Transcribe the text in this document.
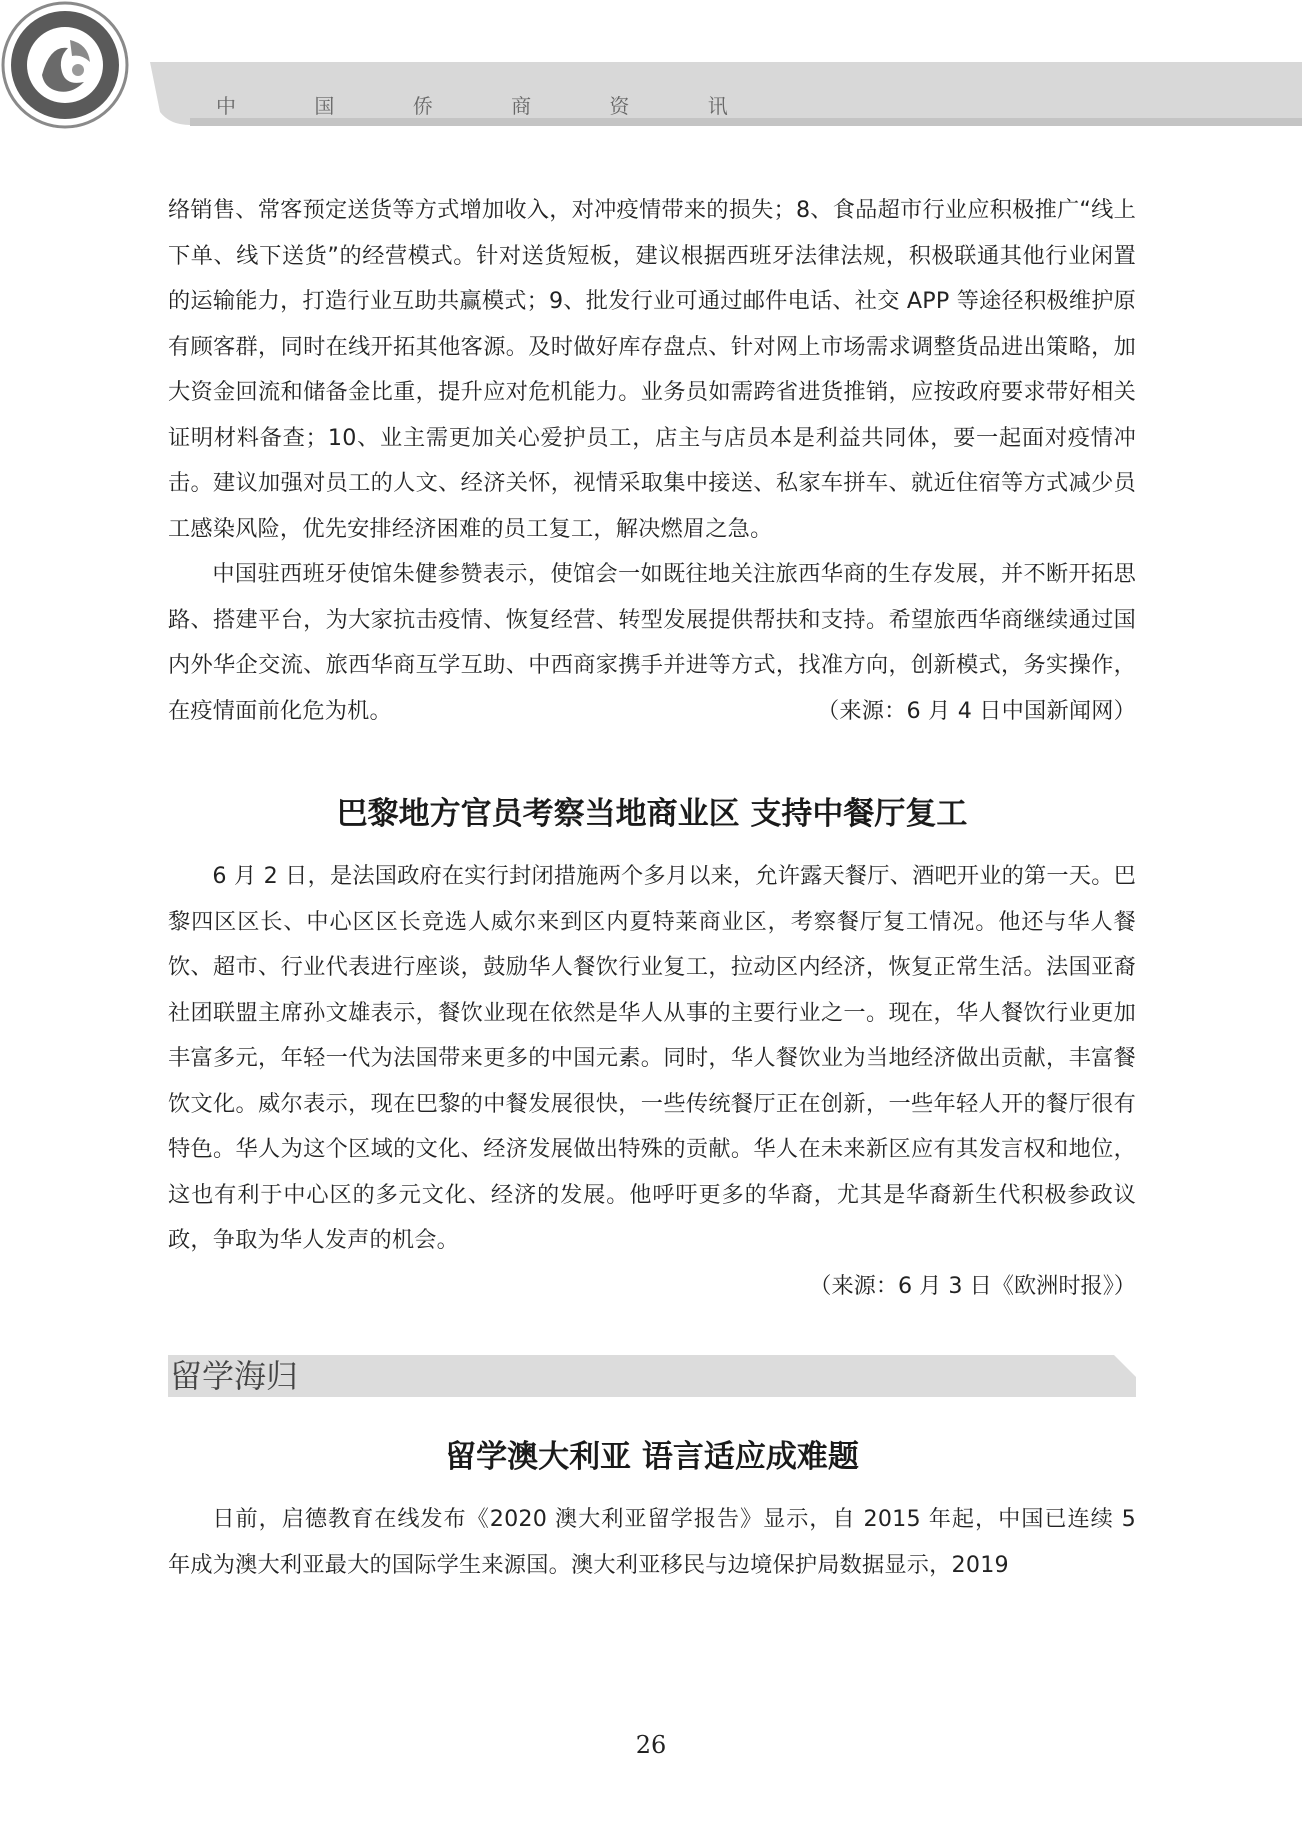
中 国 侨 商 资 讯

络销售、常客预定送货等方式增加收入，对冲疫情带来的损失；8、食品超市行业应积极推广“线上下单、线下送货”的经营模式。针对送货短板，建议根据西班牙法律法规，积极联通其他行业闲置的运输能力，打造行业互助共赢模式；9、批发行业可通过邮件电话、社交 APP 等途径积极维护原有顾客群，同时在线开拓其他客源。及时做好库存盘点、针对网上市场需求调整货品进出策略，加大资金回流和储备金比重，提升应对危机能力。业务员如需跨省进货推销，应按政府要求带好相关证明材料备查；10、业主需更加关心爱护员工，店主与店员本是利益共同体，要一起面对疫情冲击。建议加强对员工的人文、经济关怀，视情采取集中接送、私家车拼车、就近住宿等方式减少员工感染风险，优先安排经济困难的员工复工，解决燃眉之急。

中国驻西班牙使馆朱健参赞表示，使馆会一如既往地关注旅西华商的生存发展，并不断开拓思路、搭建平台，为大家抗击疫情、恢复经营、转型发展提供帮扶和支持。希望旅西华商继续通过国内外华企交流、旅西华商互学互助、中西商家携手并进等方式，找准方向，创新模式，务实操作，在疫情面前化危为机。	（来源：6 月 4 日中国新闻网）

巴黎地方官员考察当地商业区 支持中餐厅复工

6 月 2 日，是法国政府在实行封闭措施两个多月以来，允许露天餐厅、酒吧开业的第一天。巴黎四区区长、中心区区长竞选人威尔来到区内夏特莱商业区，考察餐厅复工情况。他还与华人餐饮、超市、行业代表进行座谈，鼓励华人餐饮行业复工，拉动区内经济，恢复正常生活。法国亚裔社团联盟主席孙文雄表示，餐饮业现在依然是华人从事的主要行业之一。现在，华人餐饮行业更加丰富多元，年轻一代为法国带来更多的中国元素。同时，华人餐饮业为当地经济做出贡献，丰富餐饮文化。威尔表示，现在巴黎的中餐发展很快，一些传统餐厅正在创新，一些年轻人开的餐厅很有特色。华人为这个区域的文化、经济发展做出特殊的贡献。华人在未来新区应有其发言权和地位，这也有利于中心区的多元文化、经济的发展。他呼吁更多的华裔，尤其是华裔新生代积极参政议政，争取为华人发声的机会。

（来源：6 月 3 日《欧洲时报》）
留学海归
留学澳大利亚 语言适应成难题

日前，启德教育在线发布《2020 澳大利亚留学报告》显示，自 2015 年起，中国已连续 5 年成为澳大利亚最大的国际学生来源国。澳大利亚移民与边境保护局数据显示，2019

26
